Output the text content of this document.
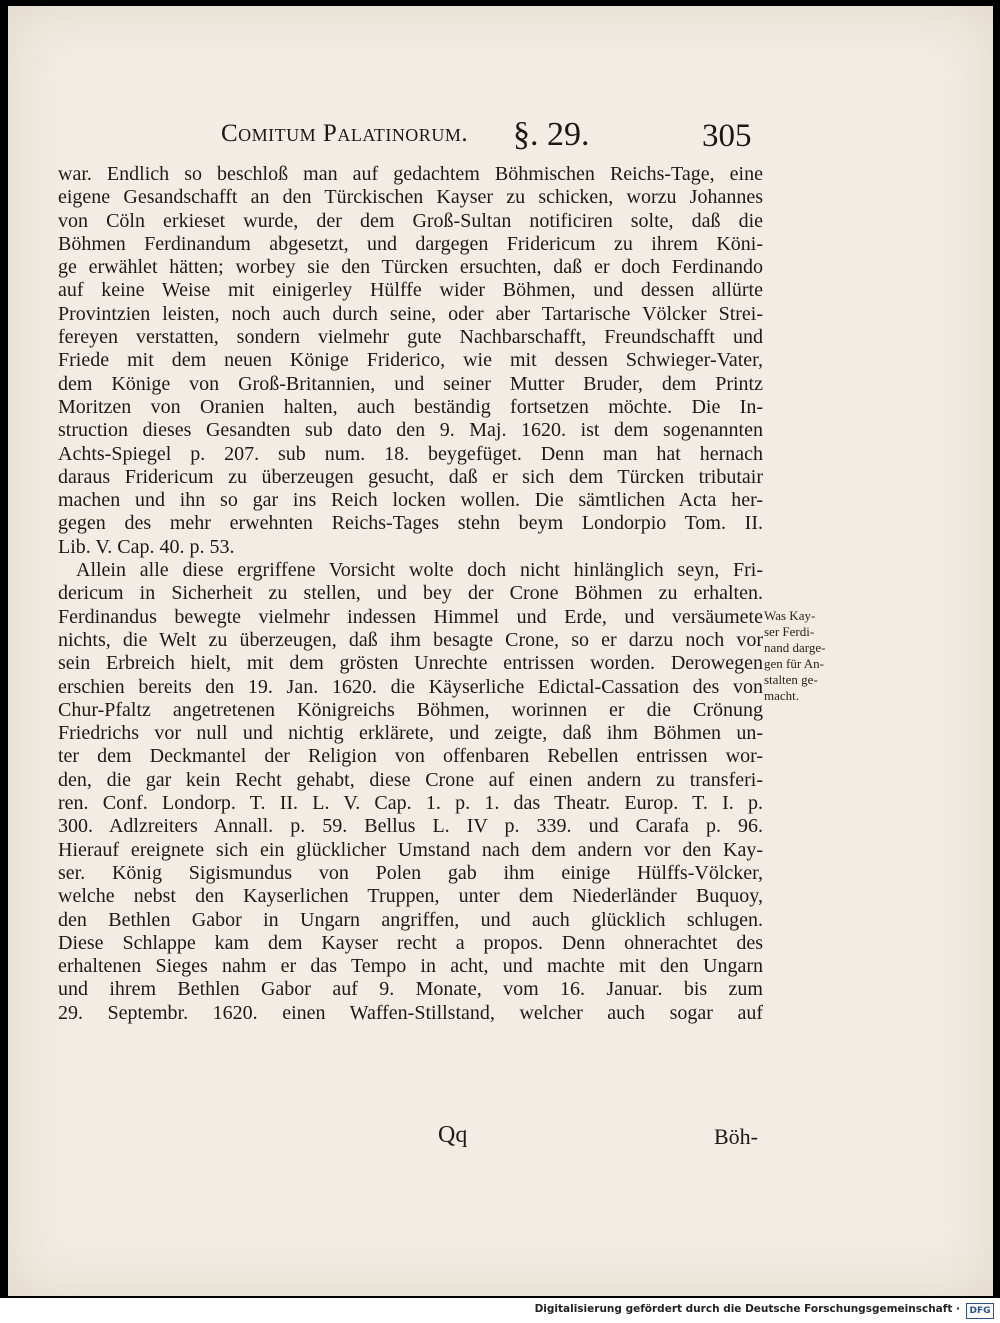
Comitum Palatinorum. §. 29.	305
war. Endlich so beschloß man auf gedachtem Böhmischen Reichs-Tage, eine
eigene Gesandschafft an den Türckischen Kayser zu schicken, worzu Johannes
von Cöln erkieset wurde, der dem Groß-Sultan notificiren solte, daß die
Böhmen Ferdinandum abgesetzt, und dargegen Fridericum zu ihrem Köni-
ge erwählet hätten; worbey sie den Türcken ersuchten, daß er doch Ferdinando
auf keine Weise mit einigerley Hülffe wider Böhmen, und dessen allürte
Provintzien leisten, noch auch durch seine, oder aber Tartarische Völcker Strei-
fereyen verstatten, sondern vielmehr gute Nachbarschafft, Freundschafft und
Friede mit dem neuen Könige Friderico, wie mit dessen Schwieger-Vater,
dem Könige von Groß-Britannien, und seiner Mutter Bruder, dem Printz
Moritzen von Oranien halten, auch beständig fortsetzen möchte. Die In-
struction dieses Gesandten sub dato den 9. Maj. 1620. ist dem sogenannten
Achts-Spiegel p. 207. sub num. 18. beygefüget. Denn man hat hernach
daraus Fridericum zu überzeugen gesucht, daß er sich dem Türcken tributair
machen und ihn so gar ins Reich locken wollen. Die sämtlichen Acta her-
gegen des mehr erwehnten Reichs-Tages stehn beym Londorpio Tom. II.
Lib. V. Cap. 40. p. 53.
Allein alle diese ergriffene Vorsicht wolte doch nicht hinlänglich seyn, Fri-
dericum in Sicherheit zu stellen, und bey der Crone Böhmen zu erhalten.
Ferdinandus bewegte vielmehr indessen Himmel und Erde, und versäumete
nichts, die Welt zu überzeugen, daß ihm besagte Crone, so er darzu noch vor
sein Erbreich hielt, mit dem grösten Unrechte entrissen worden. Derowegen
erschien bereits den 19. Jan. 1620. die Käyserliche Edictal-Cassation des von
Chur-Pfaltz angetretenen Königreichs Böhmen, worinnen er die Crönung
Friedrichs vor null und nichtig erklärete, und zeigte, daß ihm Böhmen un-
ter dem Deckmantel der Religion von offenbaren Rebellen entrissen wor-
den, die gar kein Recht gehabt, diese Crone auf einen andern zu transferi-
ren. Conf. Londorp. T. II. L. V. Cap. 1. p. 1. das Theatr. Europ. T. I. p.
300. Adlzreiters Annall. p. 59. Bellus L. IV p. 339. und Carafa p. 96.
Hierauf ereignete sich ein glücklicher Umstand nach dem andern vor den Kay-
ser. König Sigismundus von Polen gab ihm einige Hülffs-Völcker,
welche nebst den Kayserlichen Truppen, unter dem Niederländer Buquoy,
den Bethlen Gabor in Ungarn angriffen, und auch glücklich schlugen.
Diese Schlappe kam dem Kayser recht a propos. Denn ohnerachtet des
erhaltenen Sieges nahm er das Tempo in acht, und machte mit den Ungarn
und ihrem Bethlen Gabor auf 9. Monate, vom 16. Januar. bis zum
29. Septembr. 1620. einen Waffen-Stillstand, welcher auch sogar auf
Was Kay-
ser Ferdi-
nand darge-
gen für An-
stalten ge-
macht.
Qq	Böh-
Digitalisierung gefördert durch die Deutsche Forschungsgemeinschaft ·	DFG
